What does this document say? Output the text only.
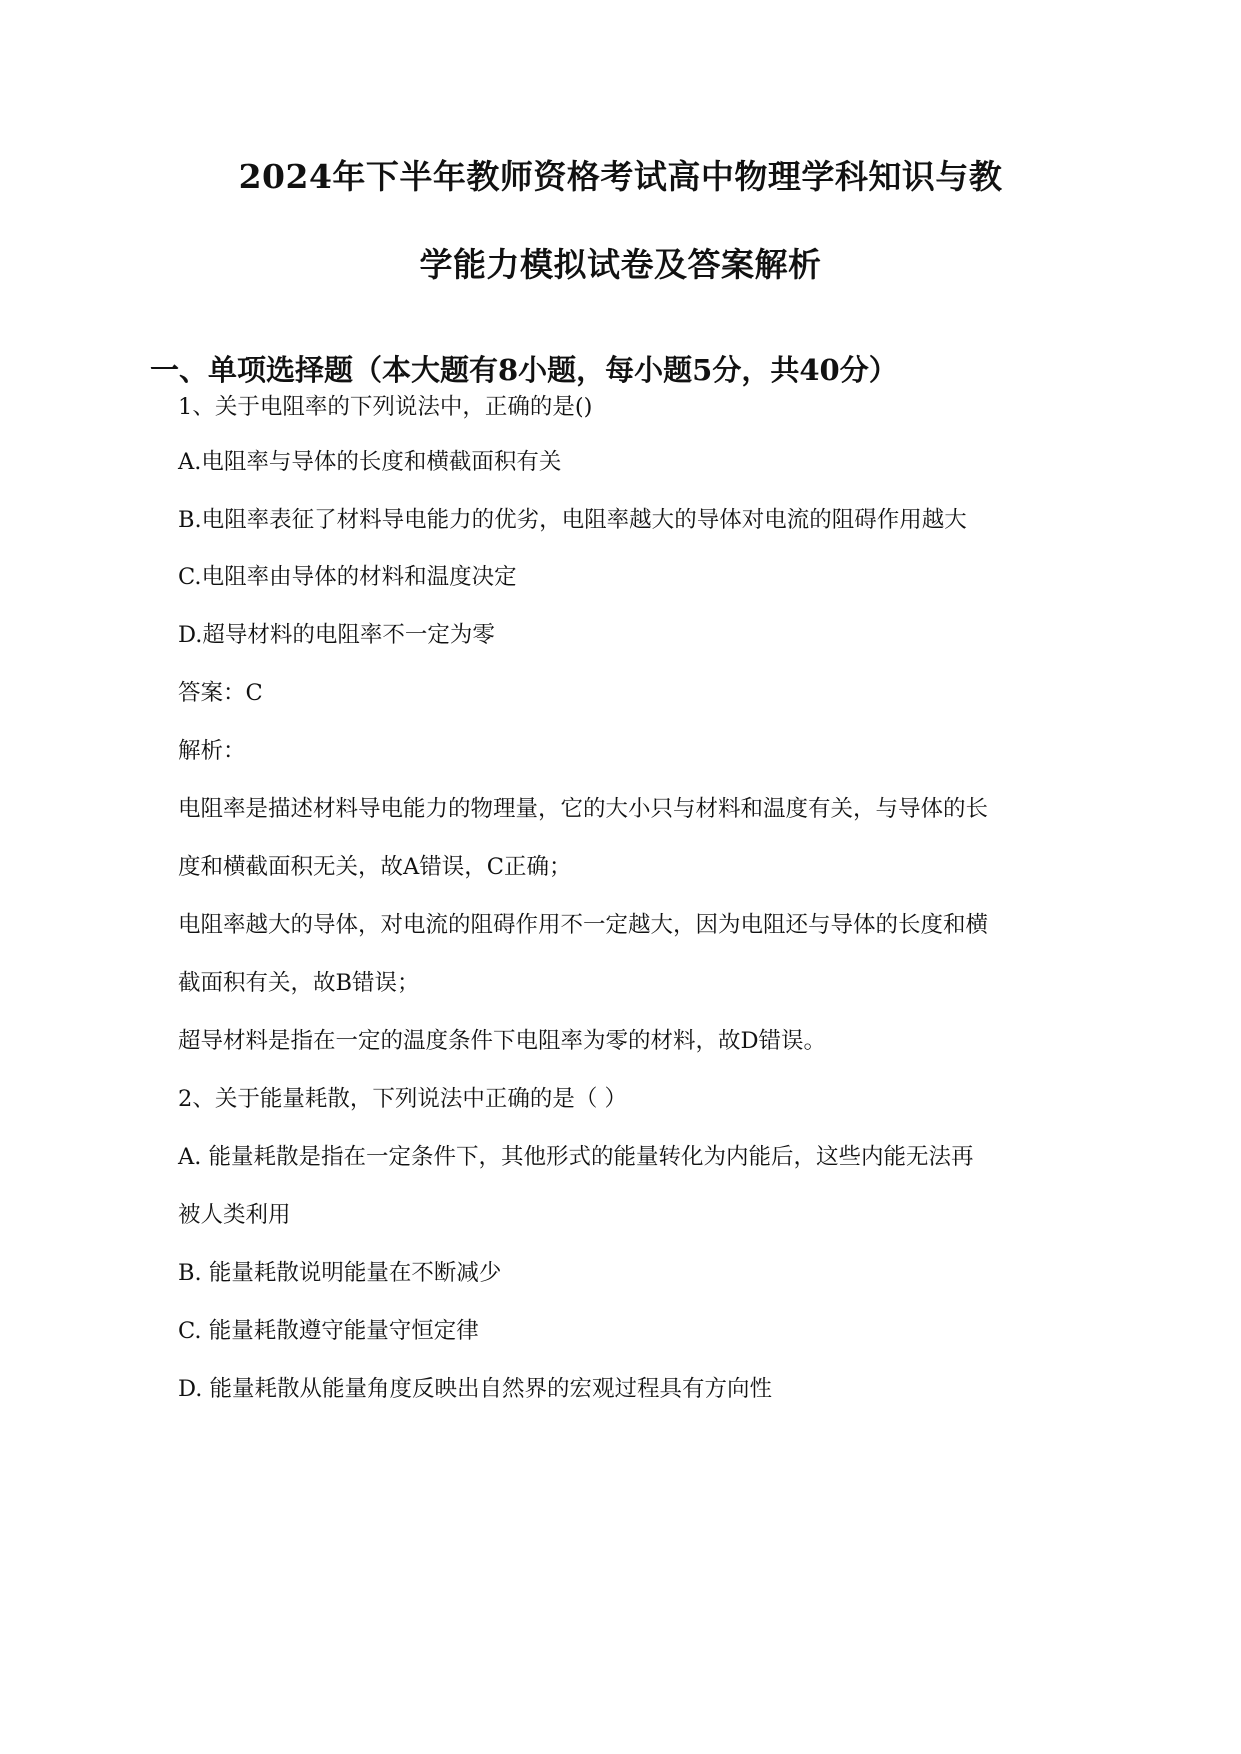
2024年下半年教师资格考试高中物理学科知识与教
学能力模拟试卷及答案解析
一、单项选择题（本大题有8小题，每小题5分，共40分）
1、关于电阻率的下列说法中，正确的是()
A.电阻率与导体的长度和横截面积有关
B.电阻率表征了材料导电能力的优劣，电阻率越大的导体对电流的阻碍作用越大
C.电阻率由导体的材料和温度决定
D.超导材料的电阻率不一定为零
答案：C
解析：
电阻率是描述材料导电能力的物理量，它的大小只与材料和温度有关，与导体的长
度和横截面积无关，故A错误，C正确；
电阻率越大的导体，对电流的阻碍作用不一定越大，因为电阻还与导体的长度和横
截面积有关，故B错误；
超导材料是指在一定的温度条件下电阻率为零的材料，故D错误。
2、关于能量耗散，下列说法中正确的是（ ）
A. 能量耗散是指在一定条件下，其他形式的能量转化为内能后，这些内能无法再
被人类利用
B. 能量耗散说明能量在不断减少
C. 能量耗散遵守能量守恒定律
D. 能量耗散从能量角度反映出自然界的宏观过程具有方向性
